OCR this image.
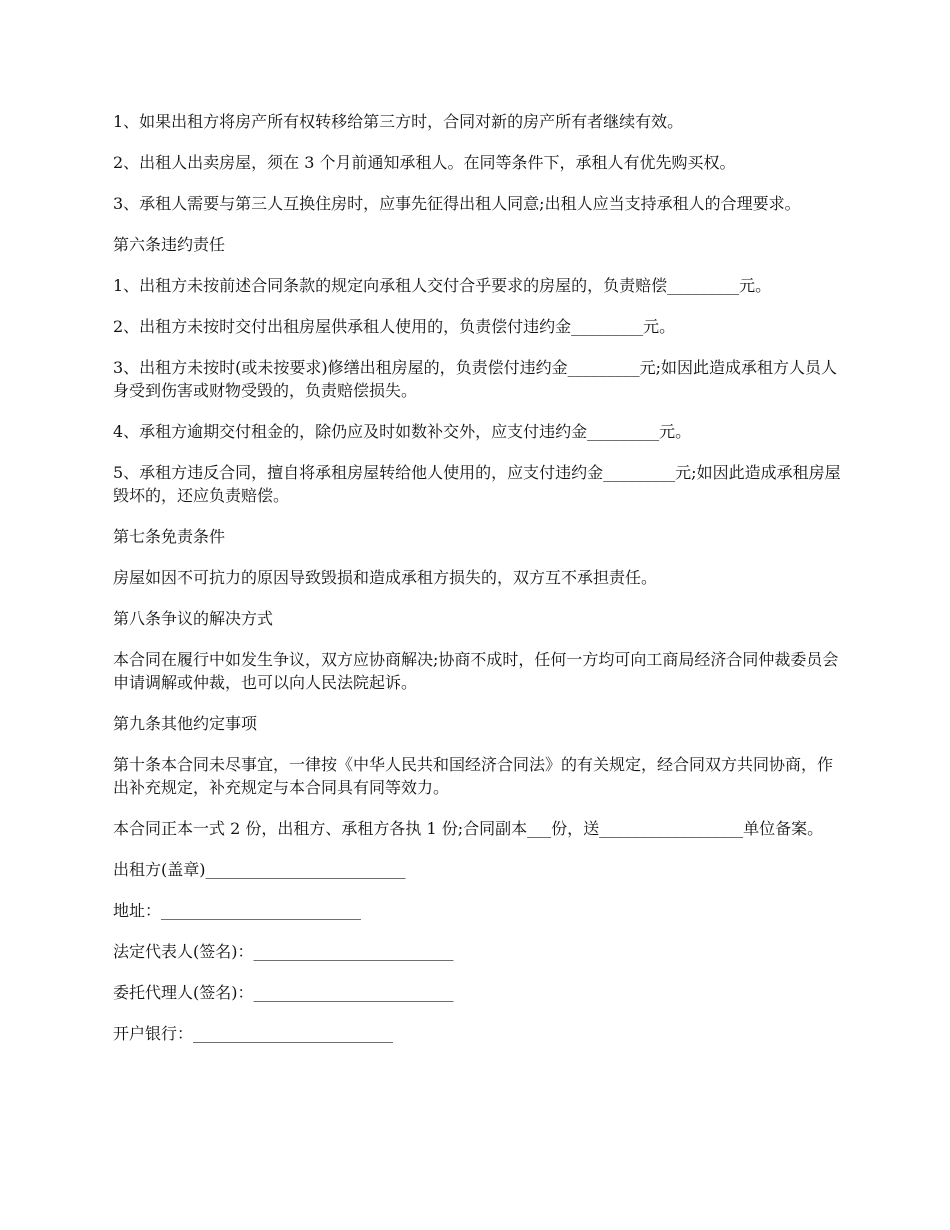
1、如果出租方将房产所有权转移给第三方时，合同对新的房产所有者继续有效。

2、出租人出卖房屋，须在 3 个月前通知承租人。在同等条件下，承租人有优先购买权。

3、承租人需要与第三人互换住房时，应事先征得出租人同意;出租人应当支持承租人的合理要求。

第六条违约责任

1、出租方未按前述合同条款的规定向承租人交付合乎要求的房屋的，负责赔偿_________元。

2、出租方未按时交付出租房屋供承租人使用的，负责偿付违约金_________元。

3、出租方未按时(或未按要求)修缮出租房屋的，负责偿付违约金_________元;如因此造成承租方人员人身受到伤害或财物受毁的，负责赔偿损失。

4、承租方逾期交付租金的，除仍应及时如数补交外，应支付违约金_________元。

5、承租方违反合同，擅自将承租房屋转给他人使用的，应支付违约金_________元;如因此造成承租房屋毁坏的，还应负责赔偿。

第七条免责条件

房屋如因不可抗力的原因导致毁损和造成承租方损失的，双方互不承担责任。

第八条争议的解决方式

本合同在履行中如发生争议，双方应协商解决;协商不成时，任何一方均可向工商局经济合同仲裁委员会申请调解或仲裁，也可以向人民法院起诉。

第九条其他约定事项

第十条本合同未尽事宜，一律按《中华人民共和国经济合同法》的有关规定，经合同双方共同协商，作出补充规定，补充规定与本合同具有同等效力。

本合同正本一式 2 份，出租方、承租方各执 1 份;合同副本___份，送__________________单位备案。

出租方(盖章)_________________________

地址：_________________________

法定代表人(签名)：_________________________

委托代理人(签名)：_________________________

开户银行：_________________________
